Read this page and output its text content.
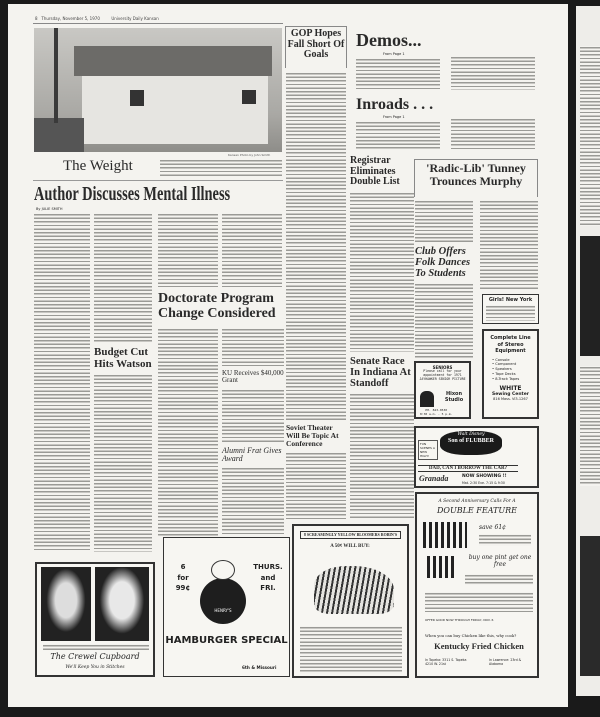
8 Thursday, November 5, 1970	University Daily Kansan
Kansan Photo by John Smith
The Weight
Author Discusses Mental Illness
By JULIE SMITH
Budget Cut Hits Watson
Doctorate Program Change Considered
KU Receives $40,000 Grant
Alumni Frat Gives Award
GOP Hopes Fall Short Of Goals
Soviet Theater Will Be Topic At Conference
Demos...
From Page 1
Inroads . . .
From Page 1
Registrar Eliminates Double List
Senate Race In Indiana At Standoff
'Radic-Lib' Tunney Trounces Murphy
Club Offers Folk Dances To Students
Girls! New York
Complete Line of Stereo Equipment
• Console
• Component
• Speakers
• Tape Decks
• 8-Track Tapes
WHITE
Sewing Center
816 Mass. VI3-1267
SENIORS
Please call for your appointment for 1971 JAYHAWKER SENIOR PICTURE
Hixon Studio
PH. 843-0530
8:30 a.m. - 5 p.m.
Walt Disney
Son of FLUBBER
FUN SCENES A NEW HIGH!
DAD, CAN I BORROW THE CAR?
Granada	NOW SHOWING !!
Mat. 2:30 Eve. 7:15 & 9:30
A Second Anniversary Calls For A
DOUBLE FEATURE
save 61¢
buy one pint get one free
OFFER GOOD NOW THROUGH FRIDAY, NOV. 6
When you can buy Chicken like this, why cook?
Kentucky Fried Chicken
In Topeka: 3311 S. Topeka 4210 W. 21st
In Lawrence: 23rd & Alabama
The Crewel Cupboard
We'll Keep You in Stitches
6
for
99¢
THURS.
and
FRI.
HENRY'S
HAMBURGER SPECIAL
6th & Missouri
8 SCREAMINGLY YELLOW BLOOMERS ROBIN'S
A 50¢ WILL BUY:
